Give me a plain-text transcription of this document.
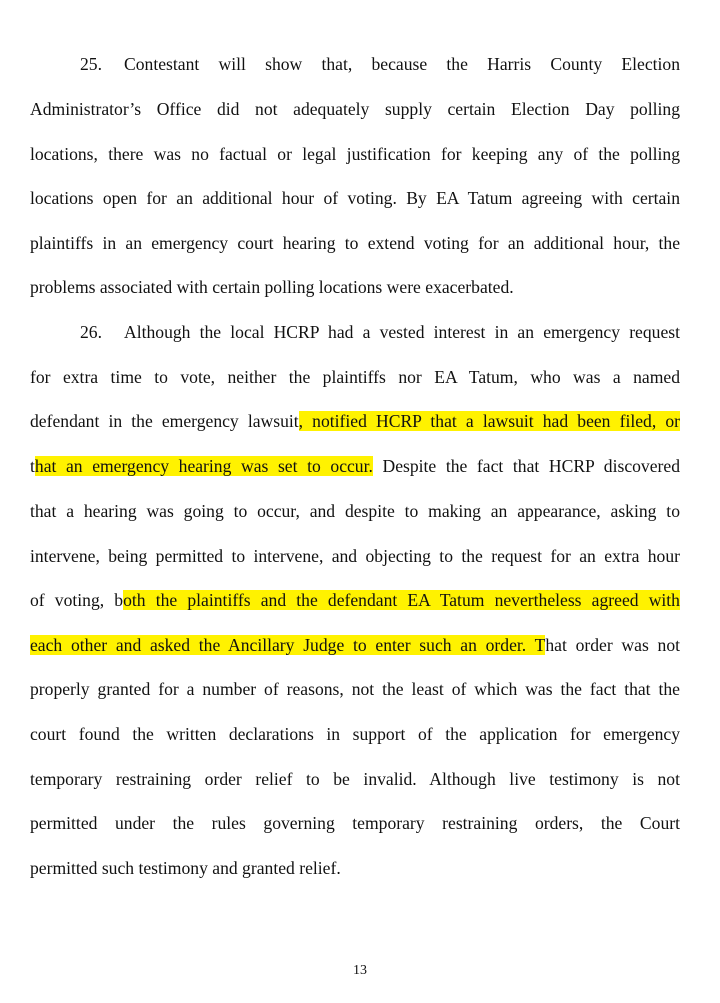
25. Contestant will show that, because the Harris County Election
Administrator’s Office did not adequately supply certain Election Day polling
locations, there was no factual or legal justification for keeping any of the polling
locations open for an additional hour of voting. By EA Tatum agreeing with certain
plaintiffs in an emergency court hearing to extend voting for an additional hour, the
problems associated with certain polling locations were exacerbated.
26. Although the local HCRP had a vested interest in an emergency request
for extra time to vote, neither the plaintiffs nor EA Tatum, who was a named
defendant in the emergency lawsuit, notified HCRP that a lawsuit had been filed, or
that an emergency hearing was set to occur. Despite the fact that HCRP discovered
that a hearing was going to occur, and despite to making an appearance, asking to
intervene, being permitted to intervene, and objecting to the request for an extra hour
of voting, both the plaintiffs and the defendant EA Tatum nevertheless agreed with
each other and asked the Ancillary Judge to enter such an order. That order was not
properly granted for a number of reasons, not the least of which was the fact that the
court found the written declarations in support of the application for emergency
temporary restraining order relief to be invalid. Although live testimony is not
permitted under the rules governing temporary restraining orders, the Court
permitted such testimony and granted relief.
13
